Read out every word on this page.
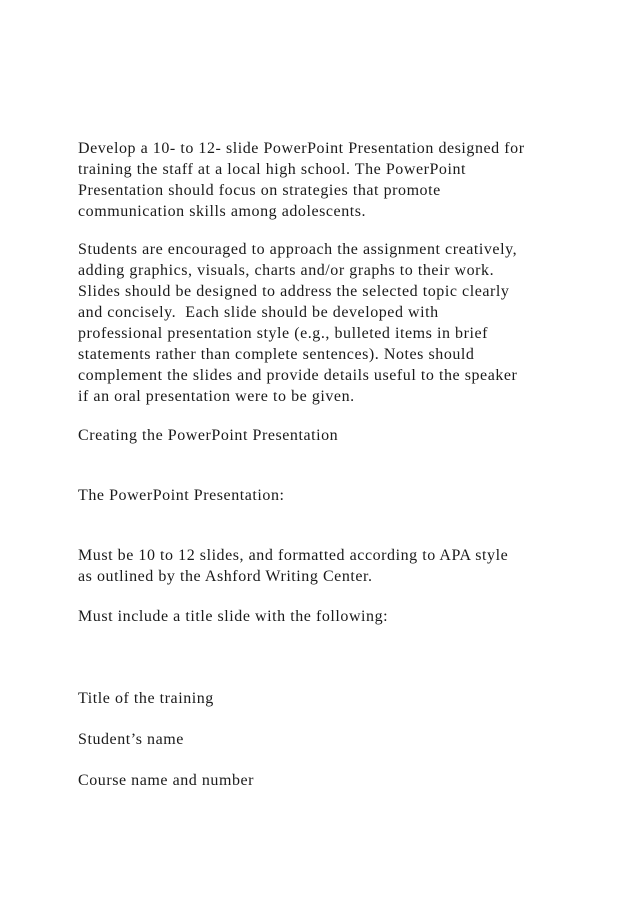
Develop a 10- to 12- slide PowerPoint Presentation designed for

training the staff at a local high school. The PowerPoint

Presentation should focus on strategies that promote

communication skills among adolescents.

Students are encouraged to approach the assignment creatively,

adding graphics, visuals, charts and/or graphs to their work.

Slides should be designed to address the selected topic clearly

and concisely.  Each slide should be developed with

professional presentation style (e.g., bulleted items in brief

statements rather than complete sentences). Notes should

complement the slides and provide details useful to the speaker

if an oral presentation were to be given.

Creating the PowerPoint Presentation

The PowerPoint Presentation:

Must be 10 to 12 slides, and formatted according to APA style

as outlined by the Ashford Writing Center.

Must include a title slide with the following:

Title of the training

Student’s name

Course name and number
